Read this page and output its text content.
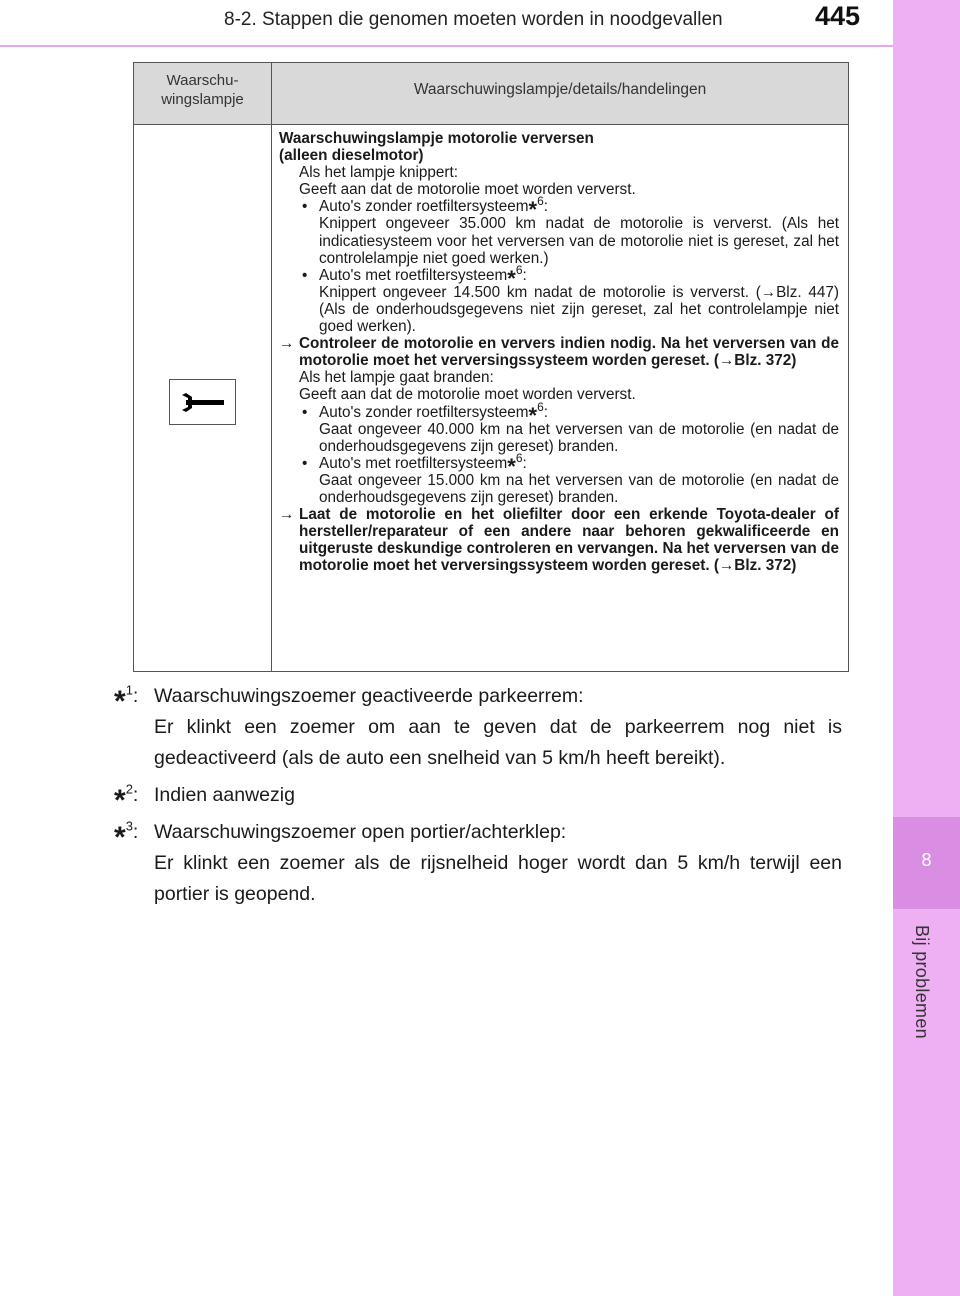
8-2. Stappen die genomen moeten worden in noodgevallen	445
8
Bij problemen
Waarschu-
wingslampje
Waarschuwingslampje/details/handelingen
Waarschuwingslampje motorolie verversen
(alleen dieselmotor)
Als het lampje knippert:
Geeft aan dat de motorolie moet worden ververst.
• Auto's zonder roetfiltersysteem*$^6$:
Knippert ongeveer 35.000 km nadat de motorolie is ververst. (Als het indicatiesysteem voor het verversen van de motorolie niet is gereset, zal het controlelampje niet goed werken.)
• Auto's met roetfiltersysteem*$^6$:
Knippert ongeveer 14.500 km nadat de motorolie is ververst. (→Blz. 447) (Als de onderhoudsgegevens niet zijn gereset, zal het controlelampje niet goed werken).
→ Controleer de motorolie en ververs indien nodig. Na het verversen van de motorolie moet het verversingssysteem worden gereset. (→Blz. 372)
Als het lampje gaat branden:
Geeft aan dat de motorolie moet worden ververst.
• Auto's zonder roetfiltersysteem*$^6$:
Gaat ongeveer 40.000 km na het verversen van de motorolie (en nadat de onderhoudsgegevens zijn gereset) branden.
• Auto's met roetfiltersysteem*$^6$:
Gaat ongeveer 15.000 km na het verversen van de motorolie (en nadat de onderhoudsgegevens zijn gereset) branden.
→ Laat de motorolie en het oliefilter door een erkende Toyota-dealer of hersteller/reparateur of een andere naar behoren gekwalificeerde en uitgeruste deskundige controleren en vervangen. Na het verversen van de motorolie moet het verversingssysteem worden gereset. (→Blz. 372)
*$^1$: Waarschuwingszoemer geactiveerde parkeerrem:
Er klinkt een zoemer om aan te geven dat de parkeerrem nog niet is gedeactiveerd (als de auto een snelheid van 5 km/h heeft bereikt).
*$^2$: Indien aanwezig
*$^3$: Waarschuwingszoemer open portier/achterklep:
Er klinkt een zoemer als de rijsnelheid hoger wordt dan 5 km/h terwijl een portier is geopend.
